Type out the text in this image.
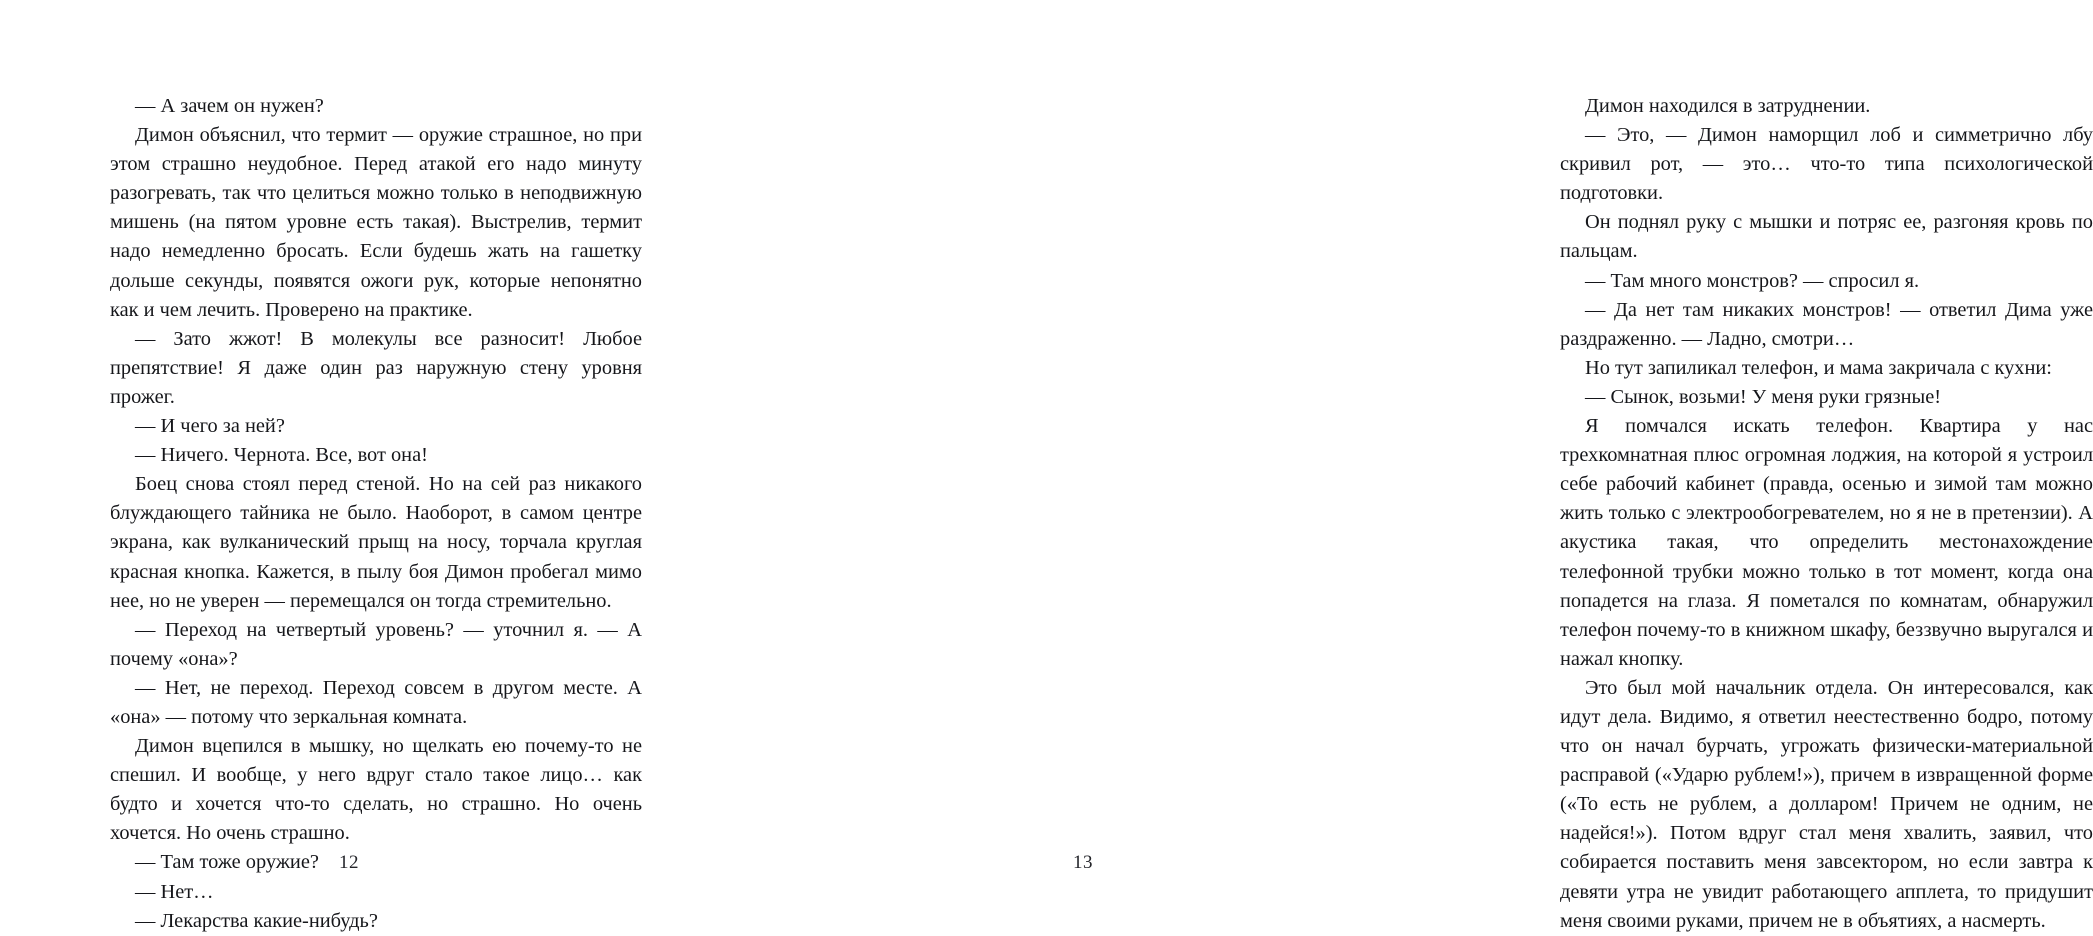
— А зачем он нужен?

Димон объяснил, что термит — оружие страшное, но при этом страшно неудобное. Перед атакой его надо минуту разогревать, так что целиться можно только в неподвижную мишень (на пятом уровне есть такая). Выстрелив, термит надо немедленно бросать. Если будешь жать на гашетку дольше секунды, появятся ожоги рук, которые непонятно как и чем лечить. Проверено на практике.

— Зато жжот! В молекулы все разносит! Любое препятствие! Я даже один раз наружную стену уровня прожег.

— И чего за ней?

— Ничего. Чернота. Все, вот она!

Боец снова стоял перед стеной. Но на сей раз никакого блуждающего тайника не было. Наоборот, в самом центре экрана, как вулканический прыщ на носу, торчала круглая красная кнопка. Кажется, в пылу боя Димон пробегал мимо нее, но не уверен — перемещался он тогда стремительно.

— Переход на четвертый уровень? — уточнил я. — А почему «она»?

— Нет, не переход. Переход совсем в другом месте. А «она» — потому что зеркальная комната.

Димон вцепился в мышку, но щелкать ею почему-то не спешил. И вообще, у него вдруг стало такое лицо… как будто и хочется что-то сделать, но страшно. Но очень хочется. Но очень страшно.

— Там тоже оружие?

— Нет…

— Лекарства какие-нибудь?

12

Димон находился в затруднении.

— Это, — Димон наморщил лоб и симметрично лбу скривил рот, — это… что-то типа психологической подготовки.

Он поднял руку с мышки и потряс ее, разгоняя кровь по пальцам.

— Там много монстров? — спросил я.

— Да нет там никаких монстров! — ответил Дима уже раздраженно. — Ладно, смотри…

Но тут запиликал телефон, и мама закричала с кухни:

— Сынок, возьми! У меня руки грязные!

Я помчался искать телефон. Квартира у нас трехкомнатная плюс огромная лоджия, на которой я устроил себе рабочий кабинет (правда, осенью и зимой там можно жить только с электрообогревателем, но я не в претензии). А акустика такая, что определить местонахождение телефонной трубки можно только в тот момент, когда она попадется на глаза. Я пометался по комнатам, обнаружил телефон почему-то в книжном шкафу, беззвучно выругался и нажал кнопку.

Это был мой начальник отдела. Он интересовался, как идут дела. Видимо, я ответил неестественно бодро, потому что он начал бурчать, угрожать физически-материальной расправой («Ударю рублем!»), причем в извращенной форме («То есть не рублем, а долларом! Причем не одним, не надейся!»). Потом вдруг стал меня хвалить, заявил, что собирается поставить меня завсектором, но если завтра к девяти утра не увидит работающего апплета, то придушит меня своими руками, причем не в объятиях, а насмерть.

13
